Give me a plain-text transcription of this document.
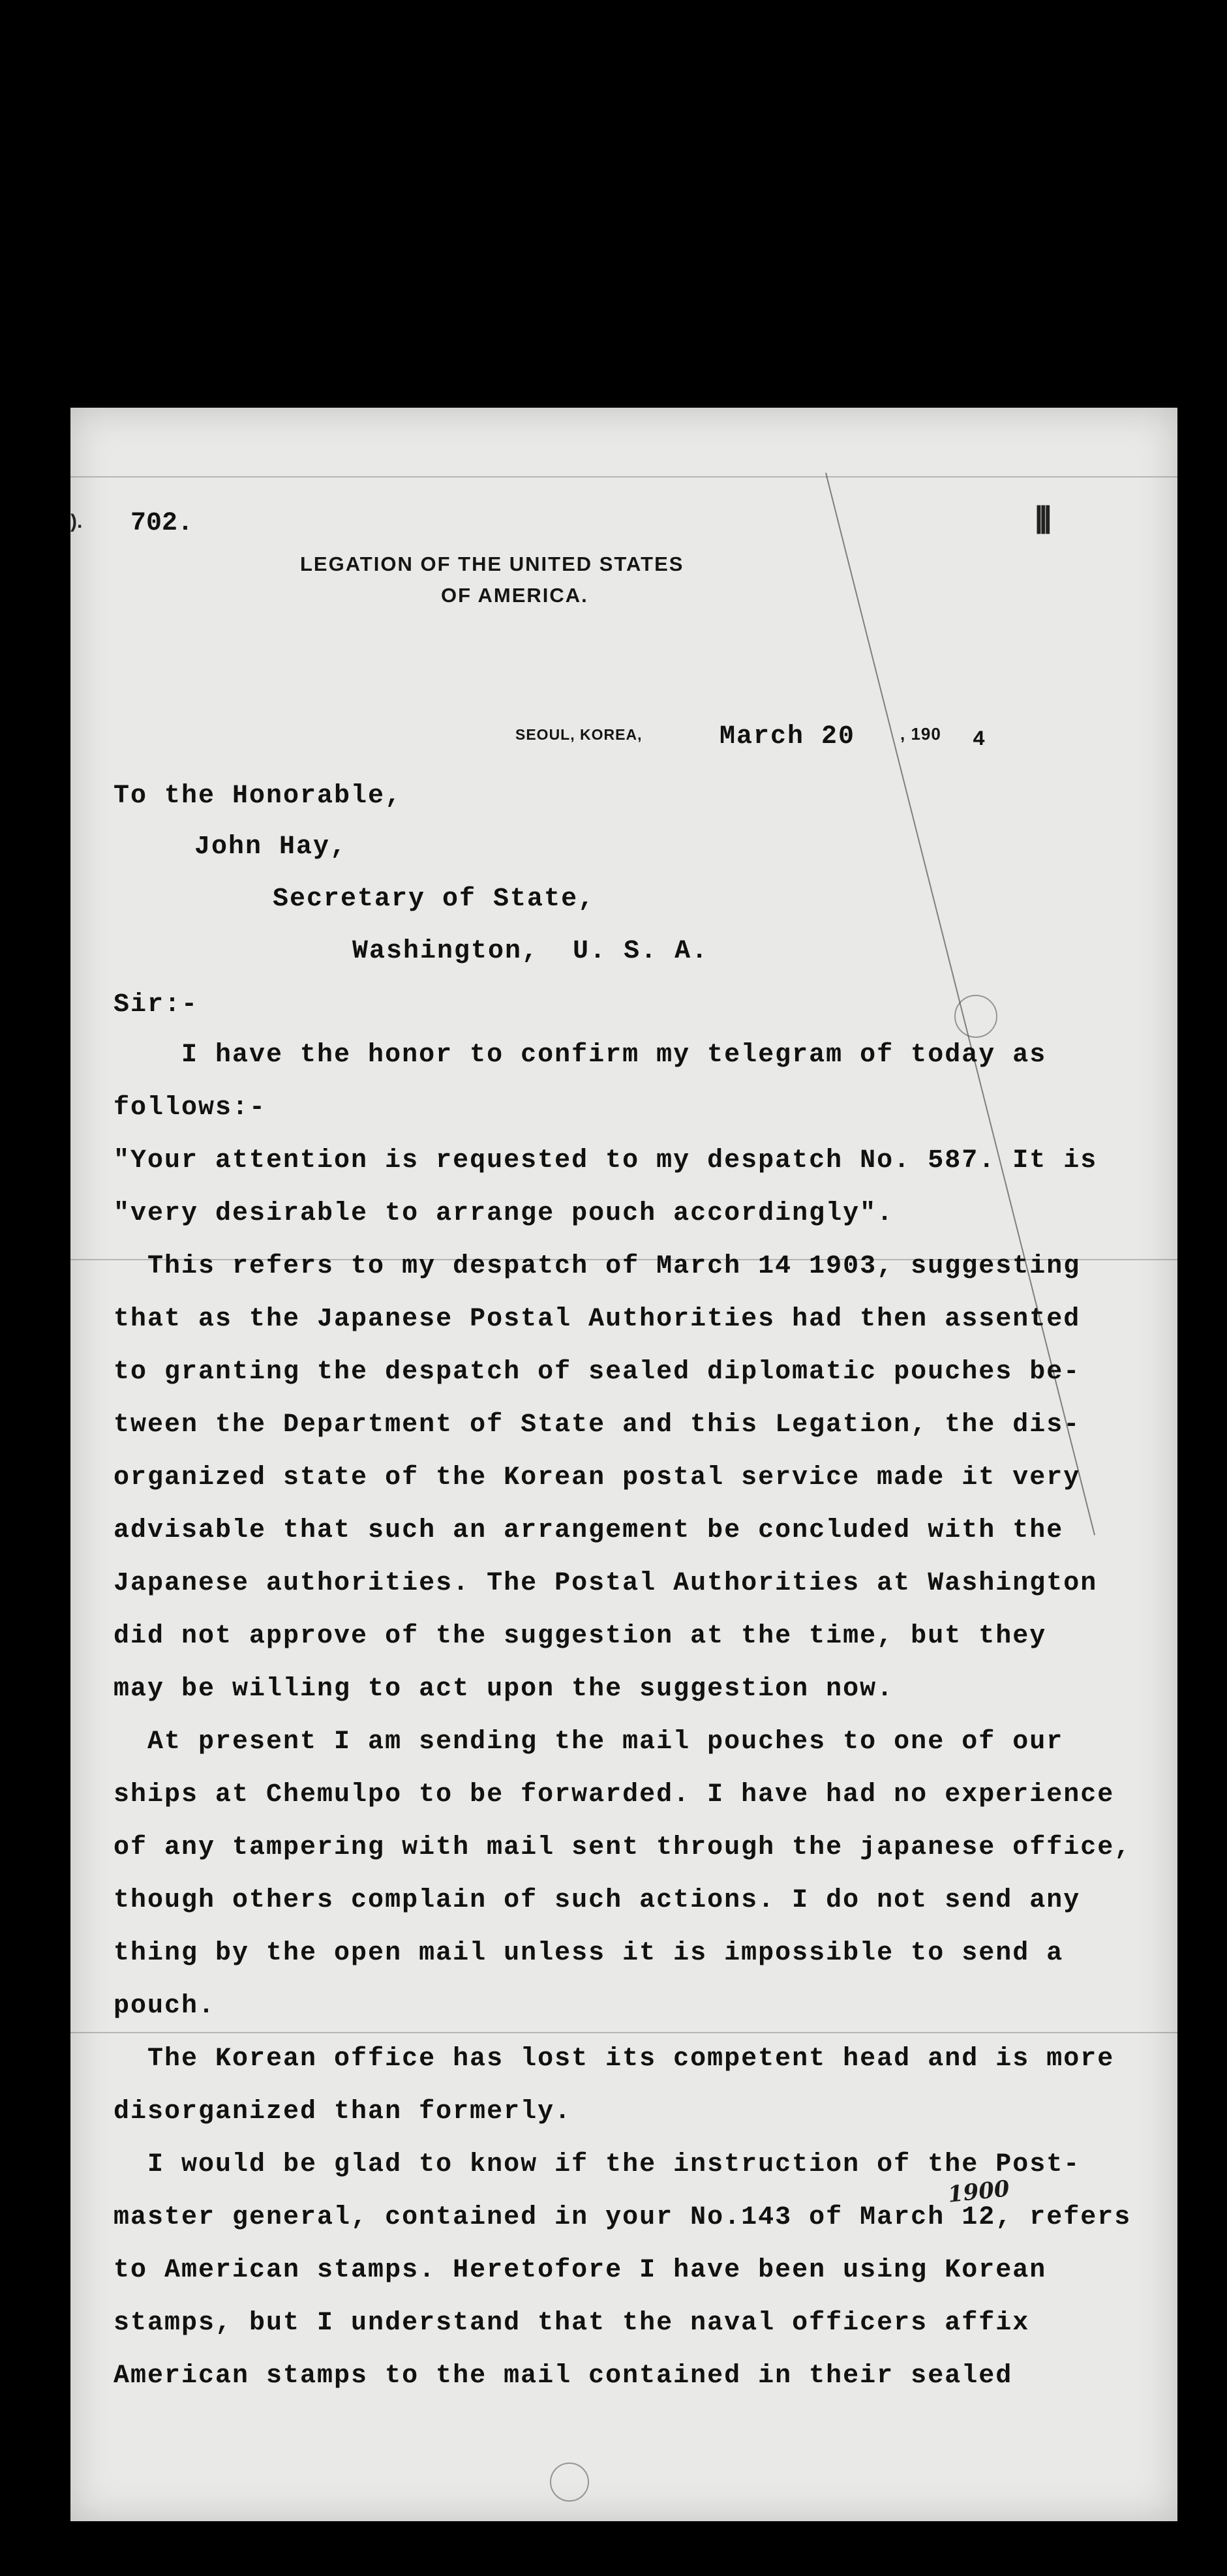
).	|||
702.
LEGATION OF THE UNITED STATES
OF AMERICA.
SEOUL, KOREA,	March 20	, 190 4
To the Honorable,
John Hay,
Secretary of State,
Washington,  U. S. A.
Sir:-
I have the honor to confirm my telegram of today as
follows:-
"Your attention is requested to my despatch No. 587. It is
"very desirable to arrange pouch accordingly".
This refers to my despatch of March 14 1903, suggesting
that as the Japanese Postal Authorities had then assented
to granting the despatch of sealed diplomatic pouches be-
tween the Department of State and this Legation, the dis-
organized state of the Korean postal service made it very
advisable that such an arrangement be concluded with the
Japanese authorities. The Postal Authorities at Washington
did not approve of the suggestion at the time, but they
may be willing to act upon the suggestion now.
At present I am sending the mail pouches to one of our
ships at Chemulpo to be forwarded. I have had no experience
of any tampering with mail sent through the japanese office,
though others complain of such actions. I do not send any
thing by the open mail unless it is impossible to send a
pouch.
The Korean office has lost its competent head and is more
disorganized than formerly.
I would be glad to know if the instruction of the Post-
master general, contained in your No.143 of March 12, refers
to American stamps. Heretofore I have been using Korean
stamps, but I understand that the naval officers affix
American stamps to the mail contained in their sealed
1900
